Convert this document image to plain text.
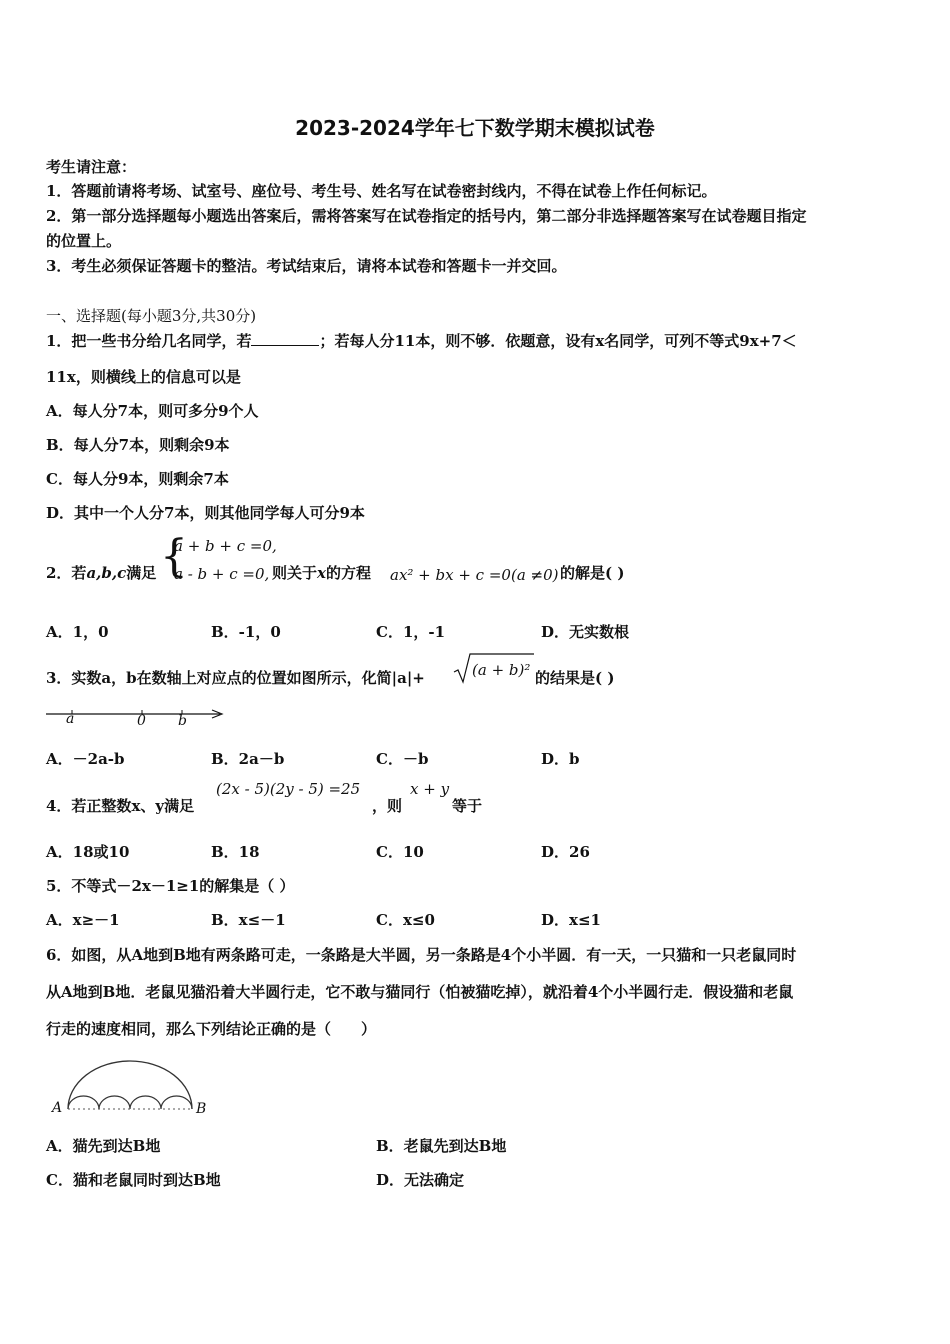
2023-2024学年七下数学期末模拟试卷
考生请注意：
1．答题前请将考场、试室号、座位号、考生号、姓名写在试卷密封线内，不得在试卷上作任何标记。
2．第一部分选择题每小题选出答案后，需将答案写在试卷指定的括号内，第二部分非选择题答案写在试卷题目指定
的位置上。
3．考生必须保证答题卡的整洁。考试结束后，请将本试卷和答题卡一并交回。
一、选择题(每小题3分,共30分)
1．把一些书分给几名同学，若	；若每人分11本，则不够．依题意，设有x名同学，可列不等式9x+7＜
11x，则横线上的信息可以是
A．每人分7本，则可多分9个人
B．每人分7本，则剩余9本
C．每人分9本，则剩余7本
D．其中一个人分7本，则其他同学每人可分9本
2．若a,b,c满足 {
a + b + c =0,
a - b + c =0, 则关于x的方程 ax² + bx + c =0(a ≠0) 的解是( )
A．1，0	B．-1，0	C．1，-1	D．无实数根
3．实数a，b在数轴上对应点的位置如图所示，化简|a|+	(a + b)² 的结果是( )
a	0 b
A．－2a-b	B．2a－b	C．－b	D．b
4．若正整数x、y满足
(2x - 5)(2y - 5) =25
，则
x + y
等于
A．18或10	B．18	C．10	D．26
5．不等式－2x－1≥1的解集是（ ）
A．x≥－1	B．x≤－1	C．x≤0	D．x≤1
6．如图，从A地到B地有两条路可走，一条路是大半圆，另一条路是4个小半圆．有一天，一只猫和一只老鼠同时
从A地到B地．老鼠见猫沿着大半圆行走，它不敢与猫同行（怕被猫吃掉），就沿着4个小半圆行走．假设猫和老鼠
行走的速度相同，那么下列结论正确的是（　　）
A	B
A．猫先到达B地	B．老鼠先到达B地
C．猫和老鼠同时到达B地	D．无法确定
